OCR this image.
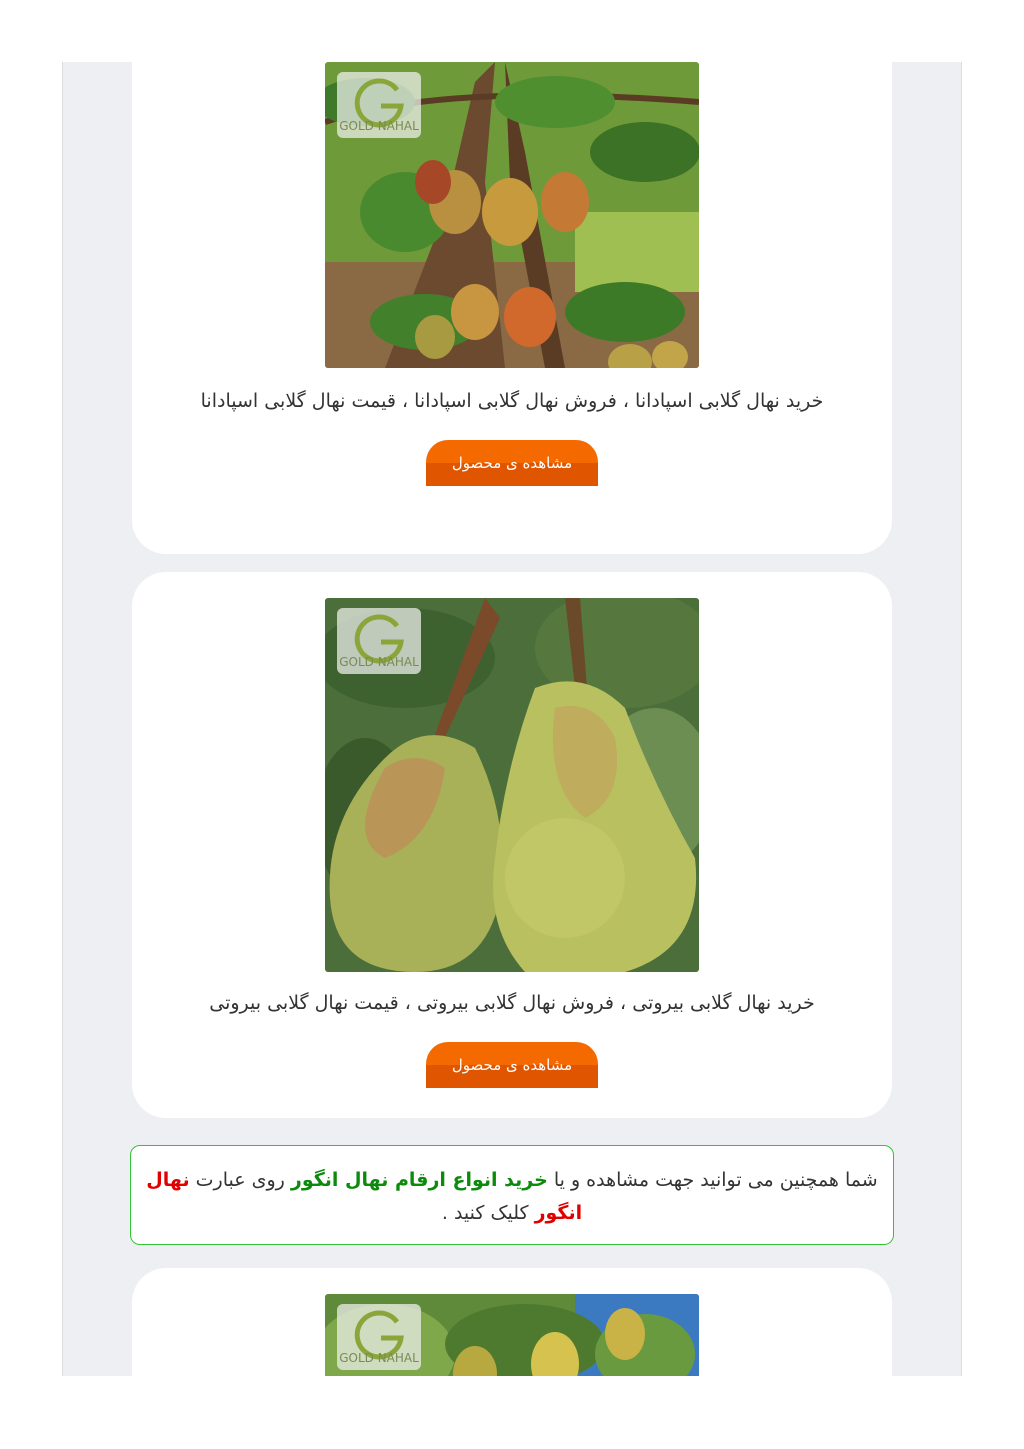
GOLD NAHAL
خرید نهال گلابی اسپادانا ، فروش نهال گلابی اسپادانا ، قیمت نهال گلابی اسپادانا
مشاهده ی محصول
GOLD NAHAL
خرید نهال گلابی بیروتی ، فروش نهال گلابی بیروتی ، قیمت نهال گلابی بیروتی
مشاهده ی محصول
شما همچنین می توانید جهت مشاهده و یا خرید انواع ارقام نهال انگور روی عبارت نهال انگور کلیک کنید .
GOLD NAHAL
